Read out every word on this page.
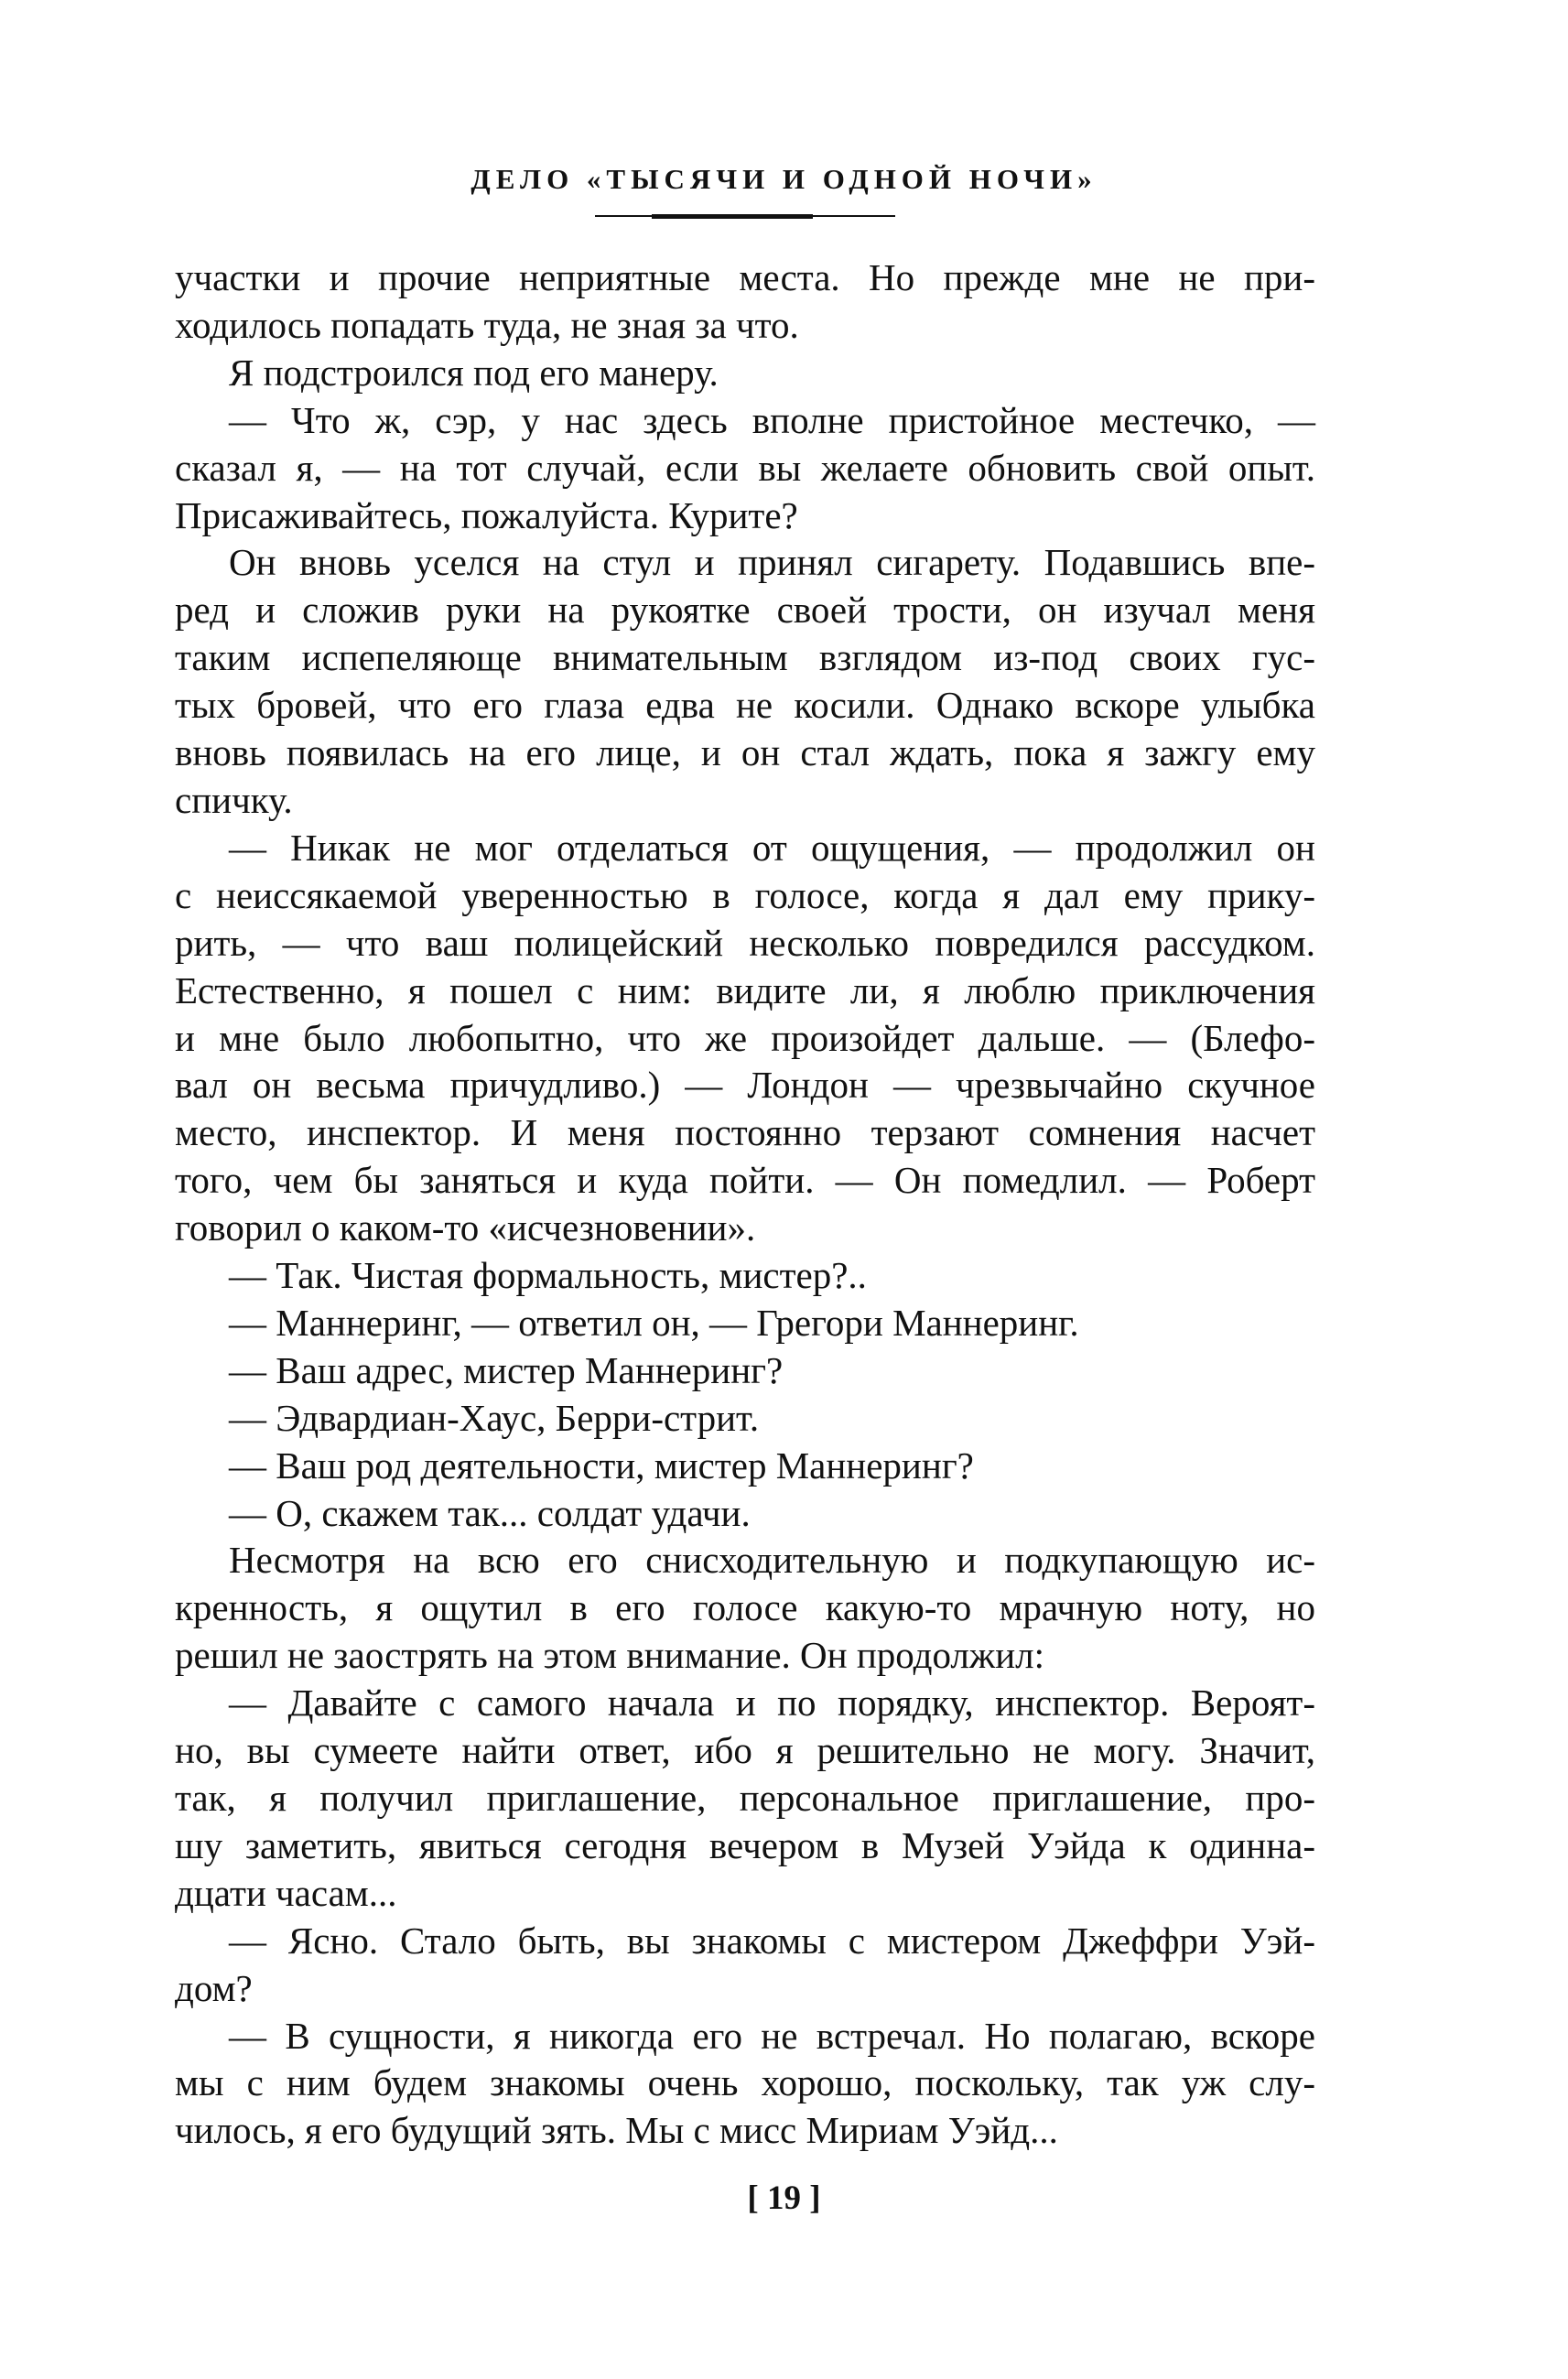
ДЕЛО «ТЫСЯЧИ И ОДНОЙ НОЧИ»
участки и прочие неприятные места. Но прежде мне не при-
ходилось попадать туда, не зная за что.
Я подстроился под его манеру.
— Что ж, сэр, у нас здесь вполне пристойное местечко, —
сказал я, — на тот случай, если вы желаете обновить свой опыт.
Присаживайтесь, пожалуйста. Курите?
Он вновь уселся на стул и принял сигарету. Подавшись впе-
ред и сложив руки на рукоятке своей трости, он изучал меня
таким испепеляюще внимательным взглядом из-под своих гус-
тых бровей, что его глаза едва не косили. Однако вскоре улыбка
вновь появилась на его лице, и он стал ждать, пока я зажгу ему
спичку.
— Никак не мог отделаться от ощущения, — продолжил он
с неиссякаемой уверенностью в голосе, когда я дал ему прику-
рить, — что ваш полицейский несколько повредился рассудком.
Естественно, я пошел с ним: видите ли, я люблю приключения
и мне было любопытно, что же произойдет дальше. — (Блефо-
вал он весьма причудливо.) — Лондон — чрезвычайно скучное
место, инспектор. И меня постоянно терзают сомнения насчет
того, чем бы заняться и куда пойти. — Он помедлил. — Роберт
говорил о каком-то «исчезновении».
— Так. Чистая формальность, мистер?..
— Маннеринг, — ответил он, — Грегори Маннеринг.
— Ваш адрес, мистер Маннеринг?
— Эдвардиан-Хаус, Берри-стрит.
— Ваш род деятельности, мистер Маннеринг?
— О, скажем так... солдат удачи.
Несмотря на всю его снисходительную и подкупающую ис-
кренность, я ощутил в его голосе какую-то мрачную ноту, но
решил не заострять на этом внимание. Он продолжил:
— Давайте с самого начала и по порядку, инспектор. Вероят-
но, вы сумеете найти ответ, ибо я решительно не могу. Значит,
так, я получил приглашение, персональное приглашение, про-
шу заметить, явиться сегодня вечером в Музей Уэйда к одинна-
дцати часам...
— Ясно. Стало быть, вы знакомы с мистером Джеффри Уэй-
дом?
— В сущности, я никогда его не встречал. Но полагаю, вскоре
мы с ним будем знакомы очень хорошо, поскольку, так уж слу-
чилось, я его будущий зять. Мы с мисс Мириам Уэйд...
[ 19 ]
